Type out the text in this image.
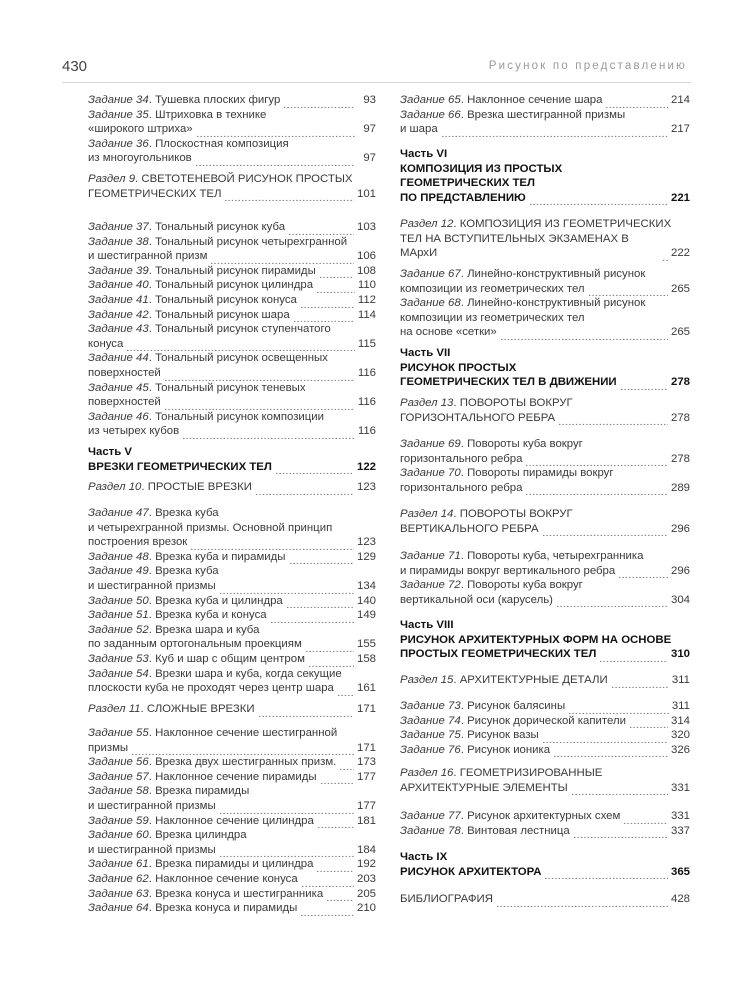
430	Рисунок по представлению
Задание 34. Тушевка плоских фигур	93
Задание 35. Штриховка в технике
«широкого штриха»	97
Задание 36. Плоскостная композиция
из многоугольников	97
Раздел 9. СВЕТОТЕНЕВОЙ РИСУНОК ПРОСТЫХ
ГЕОМЕТРИЧЕСКИХ ТЕЛ	101
Задание 37. Тональный рисунок куба	103
Задание 38. Тональный рисунок четырехгранной
и шестигранной призм	106
Задание 39. Тональный рисунок пирамиды	108
Задание 40. Тональный рисунок цилиндра	110
Задание 41. Тональный рисунок конуса	112
Задание 42. Тональный рисунок шара	114
Задание 43. Тональный рисунок ступенчатого
конуса	115
Задание 44. Тональный рисунок освещенных
поверхностей	116
Задание 45. Тональный рисунок теневых
поверхностей	116
Задание 46. Тональный рисунок композиции
из четырех кубов	116
Часть V
ВРЕЗКИ ГЕОМЕТРИЧЕСКИХ ТЕЛ	122
Раздел 10. ПРОСТЫЕ ВРЕЗКИ	123
Задание 47. Врезка куба
и четырехгранной призмы. Основной принцип
построения врезок	123
Задание 48. Врезка куба и пирамиды	129
Задание 49. Врезка куба
и шестигранной призмы	134
Задание 50. Врезка куба и цилиндра	140
Задание 51. Врезка куба и конуса	149
Задание 52. Врезка шара и куба
по заданным ортогональным проекциям	155
Задание 53. Куб и шар с общим центром	158
Задание 54. Врезки шара и куба, когда секущие
плоскости куба не проходят через центр шара 161
Раздел 11. СЛОЖНЫЕ ВРЕЗКИ	171
Задание 55. Наклонное сечение шестигранной
призмы	171
Задание 56. Врезка двух шестигранных призм. 173
Задание 57. Наклонное сечение пирамиды	177
Задание 58. Врезка пирамиды
и шестигранной призмы	177
Задание 59. Наклонное сечение цилиндра	181
Задание 60. Врезка цилиндра
и шестигранной призмы	184
Задание 61. Врезка пирамиды и цилиндра	192
Задание 62. Наклонное сечение конуса	203
Задание 63. Врезка конуса и шестигранника	205
Задание 64. Врезка конуса и пирамиды	210
Задание 65. Наклонное сечение шара	214
Задание 66. Врезка шестигранной призмы
и шара	217
Часть VI
КОМПОЗИЦИЯ ИЗ ПРОСТЫХ
ГЕОМЕТРИЧЕСКИХ ТЕЛ
ПО ПРЕДСТАВЛЕНИЮ	221
Раздел 12. КОМПОЗИЦИЯ ИЗ ГЕОМЕТРИЧЕСКИХ
ТЕЛ НА ВСТУПИТЕЛЬНЫХ ЭКЗАМЕНАХ В МАрхИ	222
Задание 67. Линейно-конструктивный рисунок
композиции из геометрических тел	265
Задание 68. Линейно-конструктивный рисунок
композиции из геометрических тел
на основе «сетки»	265
Часть VII
РИСУНОК ПРОСТЫХ
ГЕОМЕТРИЧЕСКИХ ТЕЛ В ДВИЖЕНИИ	278
Раздел 13. ПОВОРОТЫ ВОКРУГ
ГОРИЗОНТАЛЬНОГО РЕБРА	278
Задание 69. Повороты куба вокруг
горизонтального ребра	278
Задание 70. Повороты пирамиды вокруг
горизонтального ребра	289
Раздел 14. ПОВОРОТЫ ВОКРУГ
ВЕРТИКАЛЬНОГО РЕБРА	296
Задание 71. Повороты куба, четырехгранника
и пирамиды вокруг вертикального ребра	296
Задание 72. Повороты куба вокруг
вертикальной оси (карусель)	304
Часть VIII
РИСУНОК АРХИТЕКТУРНЫХ ФОРМ НА ОСНОВЕ
ПРОСТЫХ ГЕОМЕТРИЧЕСКИХ ТЕЛ	310
Раздел 15. АРХИТЕКТУРНЫЕ ДЕТАЛИ	311
Задание 73. Рисунок балясины	311
Задание 74. Рисунок дорической капители	314
Задание 75. Рисунок вазы	320
Задание 76. Рисунок ионика	326
Раздел 16. ГЕОМЕТРИЗИРОВАННЫЕ
АРХИТЕКТУРНЫЕ ЭЛЕМЕНТЫ	331
Задание 77. Рисунок архитектурных схем	331
Задание 78. Винтовая лестница	337
Часть IX
РИСУНОК АРХИТЕКТОРА	365
БИБЛИОГРАФИЯ	428
